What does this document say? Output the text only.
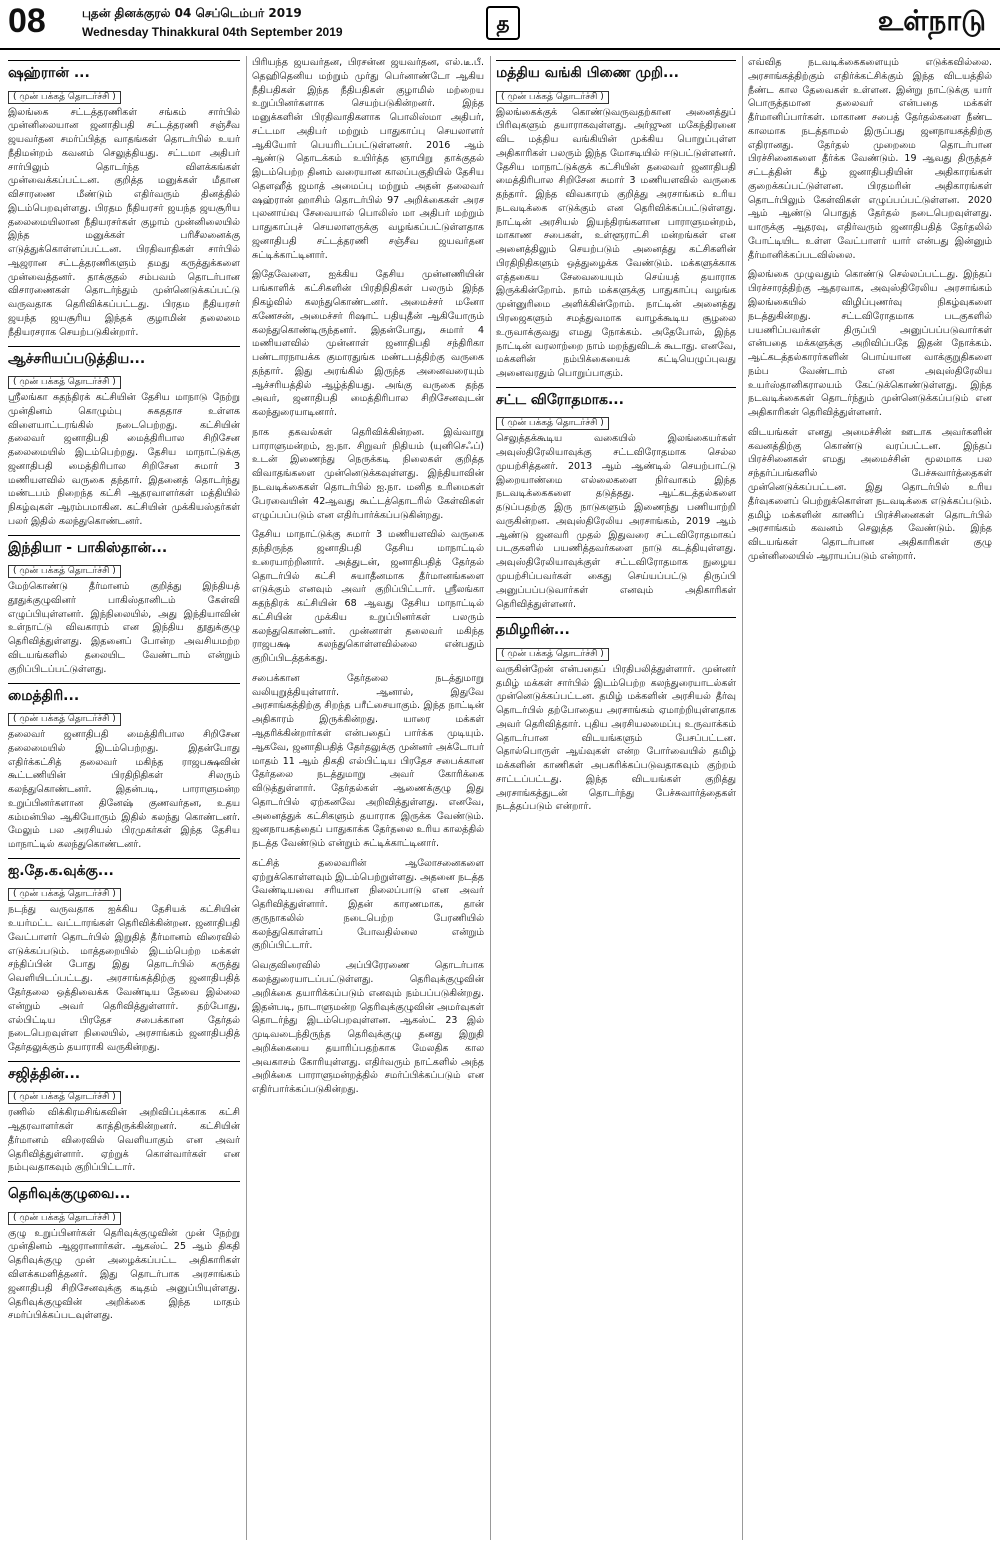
08	புதன் தினக்குரல் 04 செப்டெம்பர் 2019
Wednesday Thinakkural 04th September 2019	த	உள்நாடு
ஷஹ்ரான் ...
( முன் பக்கத் தொடர்ச்சி )

இலங்கை சட்டத்தரணிகள் சங்கம் சார்பில் முன்னிலையான ஜனாதிபதி சட்டத்தரணி சஞ்சீவ ஜயவர்தன சமர்ப்பித்த வாதங்கள் தொடர்பில் உயர் நீதிமன்றம் கவனம் செலுத்தியது. சட்டமா அதிபர் சார்பிலும் தொடர்ந்த விளக்கங்கள் முன்வைக்கப்பட்டன. குறித்த மனுக்கள் மீதான விசாரணை மீண்டும் எதிர்வரும் தினத்தில் இடம்பெறவுள்ளது. பிரதம நீதியரசர் ஜயந்த ஜயசூரிய தலைமையிலான நீதியரசர்கள் குழாம் முன்னிலையில் இந்த மனுக்கள் பரிசீலனைக்கு எடுத்துக்கொள்ளப்பட்டன. பிரதிவாதிகள் சார்பில் ஆஜரான சட்டத்தரணிகளும் தமது கருத்துக்களை முன்வைத்தனர். தாக்குதல் சம்பவம் தொடர்பான விசாரணைகள் தொடர்ந்தும் முன்னெடுக்கப்பட்டு வருவதாக தெரிவிக்கப்பட்டது. பிரதம நீதியரசர் ஜயந்த ஜயசூரிய இந்தக் குழாமின் தலைமை நீதியரசராக செயற்படுகின்றார்.

ஆச்சரியப்படுத்திய...
( முன் பக்கத் தொடர்ச்சி )

ஸ்ரீலங்கா சுதந்திரக் கட்சியின் தேசிய மாநாடு நேற்று முன்தினம் கொழும்பு சுகததாச உள்ளக விளையாட்டரங்கில் நடைபெற்றது. கட்சியின் தலைவர் ஜனாதிபதி மைத்திரிபால சிறிசேன தலைமையில் இடம்பெற்றது. தேசிய மாநாட்டுக்கு ஜனாதிபதி மைத்திரிபால சிறிசேன சுமார் 3 மணியளவில் வருகை தந்தார். இதனைத் தொடர்ந்து மண்டபம் நிறைந்த கட்சி ஆதரவாளர்கள் மத்தியில் நிகழ்வுகள் ஆரம்பமாகின. கட்சியின் முக்கியஸ்தர்கள் பலர் இதில் கலந்துகொண்டனர்.

இந்தியா - பாகிஸ்தான்...
( முன் பக்கத் தொடர்ச்சி )

மேற்கொண்டு தீர்மானம் குறித்து இந்தியத் தூதுக்குழுவினர் பாகிஸ்தானிடம் கேள்வி எழுப்பியுள்ளனர். இந்நிலையில், அது இந்தியாவின் உள்நாட்டு விவகாரம் என இந்திய தூதுக்குழு தெரிவித்துள்ளது. இதனைப் போன்ற அவசியமற்ற விடயங்களில் தலையிட வேண்டாம் என்றும் குறிப்பிடப்பட்டுள்ளது.

மைத்திரி...
( முன் பக்கத் தொடர்ச்சி )

தலைவர் ஜனாதிபதி மைத்திரிபால சிறிசேன தலைமையில் இடம்பெற்றது. இதன்போது எதிர்க்கட்சித் தலைவர் மகிந்த ராஜபக்ஷவின் கூட்டணியின் பிரதிநிதிகள் சிலரும் கலந்துகொண்டனர். இதன்படி, பாராளுமன்ற உறுப்பினர்களான தினேஷ் குணவர்தன, உதய கம்மன்பில ஆகியோரும் இதில் கலந்து கொண்டனர். மேலும் பல அரசியல் பிரமுகர்கள் இந்த தேசிய மாநாட்டில் கலந்துகொண்டனர்.

ஐ.தே.க.வுக்கு...
( முன் பக்கத் தொடர்ச்சி )

நடந்து வருவதாக ஐக்கிய தேசியக் கட்சியின் உயர்மட்ட வட்டாரங்கள் தெரிவிக்கின்றன. ஜனாதிபதி வேட்பாளர் தொடர்பில் இறுதித் தீர்மானம் விரைவில் எடுக்கப்படும். மாத்தறையில் இடம்பெற்ற மக்கள் சந்திப்பின் போது இது தொடர்பில் கருத்து வெளியிடப்பட்டது. அரசாங்கத்திற்கு ஜனாதிபதித் தேர்தலை ஒத்திவைக்க வேண்டிய தேவை இல்லை என்றும் அவர் தெரிவித்துள்ளார். தற்போது, எல்பிட்டிய பிரதேச சபைக்கான தேர்தல் நடைபெறவுள்ள நிலையில், அரசாங்கம் ஜனாதிபதித் தேர்தலுக்கும் தயாராகி வருகின்றது.

சஜித்தின்...
( முன் பக்கத் தொடர்ச்சி )

ரணில் விக்கிரமசிங்கவின் அறிவிப்புக்காக கட்சி ஆதரவாளர்கள் காத்திருக்கின்றனர். கட்சியின் தீர்மானம் விரைவில் வெளியாகும் என அவர் தெரிவித்துள்ளார். ஏற்றுக் கொள்வார்கள் என நம்புவதாகவும் குறிப்பிட்டார்.

தெரிவுக்குழுவை...
( முன் பக்கத் தொடர்ச்சி )

குழு உறுப்பினர்கள் தெரிவுக்குழுவின் முன் நேற்று முன்தினம் ஆஜரானார்கள். ஆகஸ்ட் 25 ஆம் திகதி தெரிவுக்குழு முன் அழைக்கப்பட்ட அதிகாரிகள் விளக்கமளித்தனர். இது தொடர்பாக அரசாங்கம் ஜனாதிபதி சிறிசேனவுக்கு கடிதம் அனுப்பியுள்ளது. தெரிவுக்குழுவின் அறிக்கை இந்த மாதம் சமர்ப்பிக்கப்படவுள்ளது.

பிரியந்த ஜயவர்தன, பிரசன்ன ஜயவர்தன, எல்.டீ.பீ. தெஹிதெனிய மற்றும் முர்து பெர்னாண்டோ ஆகிய நீதிபதிகள் இந்த நீதிபதிகள் குழாமில் மற்றைய உறுப்பினர்களாக செயற்படுகின்றனர். இந்த மனுக்களின் பிரதிவாதிகளாக பொலிஸ்மா அதிபர், சட்டமா அதிபர் மற்றும் பாதுகாப்பு செயலாளர் ஆகியோர் பெயரிடப்பட்டுள்ளனர். 2016 ஆம் ஆண்டு தொடக்கம் உயிர்த்த ஞாயிறு தாக்குதல் இடம்பெற்ற தினம் வரையான காலப்பகுதியில் தேசிய தௌஹீத் ஜமாத் அமைப்பு மற்றும் அதன் தலைவர் ஷஹ்ரான் ஹாசிம் தொடர்பில் 97 அறிக்கைகள் அரச புலனாய்வு சேவையால் பொலிஸ் மா அதிபர் மற்றும் பாதுகாப்புச் செயலாளருக்கு வழங்கப்பட்டுள்ளதாக ஜனாதிபதி சட்டத்தரணி சஞ்சீவ ஜயவர்தன சுட்டிக்காட்டினார்.

இதேவேளை, ஐக்கிய தேசிய முன்னணியின் பங்காளிக் கட்சிகளின் பிரதிநிதிகள் பலரும் இந்த நிகழ்வில் கலந்துகொண்டனர். அமைச்சர் மனோ கணேசன், அமைச்சர் ரிஷாட் பதியுதீன் ஆகியோரும் கலந்துகொண்டிருந்தனர். இதன்போது, சுமார் 4 மணியளவில் முன்னாள் ஜனாதிபதி சந்திரிகா பண்டாரநாயக்க குமாரதுங்க மண்டபத்திற்கு வருகை தந்தார். இது அரங்கில் இருந்த அனைவரையும் ஆச்சரியத்தில் ஆழ்த்தியது. அங்கு வருகை தந்த அவர், ஜனாதிபதி மைத்திரிபால சிறிசேனவுடன் கலந்துரையாடினார்.

நாக தகவல்கள் தெரிவிக்கின்றன. இவ்வாறு பாராளுமன்றம், ஐ.நா. சிறுவர் நிதியம் (யுனிசெஃப்) உடன் இணைந்து நெருக்கடி நிலைகள் குறித்த விவாதங்களை முன்னெடுக்கவுள்ளது. இந்தியாவின் நடவடிக்கைகள் தொடர்பில் ஐ.நா. மனித உரிமைகள் பேரவையின் 42ஆவது கூட்டத்தொடரில் கேள்விகள் எழுப்பப்படும் என எதிர்பார்க்கப்படுகின்றது.

தேசிய மாநாட்டுக்கு சுமார் 3 மணியளவில் வருகை தந்திருந்த ஜனாதிபதி தேசிய மாநாட்டில் உரையாற்றினார். அத்துடன், ஜனாதிபதித் தேர்தல் தொடர்பில் கட்சி சுயாதீனமாக தீர்மானங்களை எடுக்கும் எனவும் அவர் குறிப்பிட்டார். ஸ்ரீலங்கா சுதந்திரக் கட்சியின் 68 ஆவது தேசிய மாநாட்டில் கட்சியின் முக்கிய உறுப்பினர்கள் பலரும் கலந்துகொண்டனர். முன்னாள் தலைவர் மகிந்த ராஜபக்ஷ கலந்துகொள்ளவில்லை என்பதும் குறிப்பிடத்தக்கது.

சபைக்கான தேர்தலை நடத்துமாறு வலியுறுத்தியுள்ளார். ஆனால், இதுவே அரசாங்கத்திற்கு சிறந்த பரீட்சையாகும். இந்த நாட்டின் அதிகாரம் இருக்கின்றது. யாரை மக்கள் ஆதரிக்கின்றார்கள் என்பதைப் பார்க்க முடியும். ஆகவே, ஜனாதிபதித் தேர்தலுக்கு முன்னர் அக்டோபர் மாதம் 11 ஆம் திகதி எல்பிட்டிய பிரதேச சபைக்கான தேர்தலை நடத்துமாறு அவர் கோரிக்கை விடுத்துள்ளார். தேர்தல்கள் ஆணைக்குழு இது தொடர்பில் ஏற்கனவே அறிவித்துள்ளது. எனவே, அனைத்துக் கட்சிகளும் தயாராக இருக்க வேண்டும். ஜனநாயகத்தைப் பாதுகாக்க தேர்தலை உரிய காலத்தில் நடத்த வேண்டும் என்றும் சுட்டிக்காட்டினார்.

கட்சித் தலைவரின் ஆலோசனைகளை ஏற்றுக்கொள்ளவும் இடம்பெற்றுள்ளது. அதனை நடத்த வேண்டியவை சரியான நிலைப்பாடு என அவர் தெரிவித்துள்ளார். இதன் காரணமாக, தான் குருநாகலில் நடைபெற்ற பேரணியில் கலந்துகொள்ளப் போவதில்லை என்றும் குறிப்பிட்டார்.

வெகுவிரைவில் அப்பிரேரணை தொடர்பாக கலந்துரையாடப்பட்டுள்ளது. தெரிவுக்குழுவின் அறிக்கை தயாரிக்கப்படும் எனவும் நம்பப்படுகின்றது. இதன்படி, நாடாளுமன்ற தெரிவுக்குழுவின் அமர்வுகள் தொடர்ந்து இடம்பெறவுள்ளன. ஆகஸ்ட் 23 இல் முடிவடைந்திருந்த தெரிவுக்குழு தனது இறுதி அறிக்கையை தயாரிப்பதற்காக மேலதிக கால அவகாசம் கோரியுள்ளது. எதிர்வரும் நாட்களில் அந்த அறிக்கை பாராளுமன்றத்தில் சமர்ப்பிக்கப்படும் என எதிர்பார்க்கப்படுகின்றது.

மத்திய வங்கி பிணை முறி...
( முன் பக்கத் தொடர்ச்சி )

இலங்கைக்குக் கொண்டுவருவதற்கான அனைத்துப் பிரிவுகளும் தயாராகவுள்ளது. அர்ஜுன மகேந்திரனை விட மத்திய வங்கியின் முக்கிய பொறுப்புள்ள அதிகாரிகள் பலரும் இந்த மோசடியில் ஈடுபட்டுள்ளனர். தேசிய மாநாட்டுக்குக் கட்சியின் தலைவர் ஜனாதிபதி மைத்திரிபால சிறிசேன சுமார் 3 மணியளவில் வருகை தந்தார். இந்த விவகாரம் குறித்து அரசாங்கம் உரிய நடவடிக்கை எடுக்கும் என தெரிவிக்கப்பட்டுள்ளது. நாட்டின் அரசியல் இயந்திரங்களான பாராளுமன்றம், மாகாண சபைகள், உள்ளூராட்சி மன்றங்கள் என அனைத்திலும் செயற்படும் அனைத்து கட்சிகளின் பிரதிநிதிகளும் ஒத்துழைக்க வேண்டும். மக்களுக்காக எத்தகைய சேவையையும் செய்யத் தயாராக இருக்கின்றோம். நாம் மக்களுக்கு பாதுகாப்பு வழங்க முன்னுரிமை அளிக்கின்றோம். நாட்டின் அனைத்து பிரஜைகளும் சமத்துவமாக வாழக்கூடிய சூழலை உருவாக்குவது எமது நோக்கம். அதேபோல், இந்த நாட்டின் வரலாற்றை நாம் மறந்துவிடக் கூடாது. எனவே, மக்களின் நம்பிக்கையைக் கட்டியெழுப்புவது அனைவரதும் பொறுப்பாகும்.

சட்ட விரோதமாக...
( முன் பக்கத் தொடர்ச்சி )

செலுத்தக்கூடிய வகையில் இலங்கையர்கள் அவுஸ்திரேலியாவுக்கு சட்டவிரோதமாக செல்ல முயற்சித்தனர். 2013 ஆம் ஆண்டில் செயற்பாட்டு இறையாண்மை எல்லைகளை நிர்வாகம் இந்த நடவடிக்கைகளை தடுத்தது. ஆட்கடத்தல்களை தடுப்பதற்கு இரு நாடுகளும் இணைந்து பணியாற்றி வருகின்றன. அவுஸ்திரேலிய அரசாங்கம், 2019 ஆம் ஆண்டு ஜனவரி முதல் இதுவரை சட்டவிரோதமாகப் படகுகளில் பயணித்தவர்களை நாடு கடத்தியுள்ளது. அவுஸ்திரேலியாவுக்குள் சட்டவிரோதமாக நுழைய முயற்சிப்பவர்கள் கைது செய்யப்பட்டு திருப்பி அனுப்பப்படுவார்கள் எனவும் அதிகாரிகள் தெரிவித்துள்ளனர்.

தமிழரின்...
( முன் பக்கத் தொடர்ச்சி )

வருகின்றேன் என்பதைப் பிரதிபலித்துள்ளார். முன்னர் தமிழ் மக்கள் சார்பில் இடம்பெற்ற கலந்துரையாடல்கள் முன்னெடுக்கப்பட்டன. தமிழ் மக்களின் அரசியல் தீர்வு தொடர்பில் தற்போதைய அரசாங்கம் ஏமாற்றியுள்ளதாக அவர் தெரிவித்தார். புதிய அரசியலமைப்பு உருவாக்கம் தொடர்பான விடயங்களும் பேசப்பட்டன. தொல்பொருள் ஆய்வுகள் என்ற போர்வையில் தமிழ் மக்களின் காணிகள் அபகரிக்கப்படுவதாகவும் குற்றம் சாட்டப்பட்டது. இந்த விடயங்கள் குறித்து அரசாங்கத்துடன் தொடர்ந்து பேச்சுவார்த்தைகள் நடத்தப்படும் என்றார்.

எவ்வித நடவடிக்கைகளையும் எடுக்கவில்லை. அரசாங்கத்திற்கும் எதிர்க்கட்சிக்கும் இந்த விடயத்தில் நீண்ட கால தேவைகள் உள்ளன. இன்று நாட்டுக்கு யார் பொருத்தமான தலைவர் என்பதை மக்கள் தீர்மானிப்பார்கள். மாகாண சபைத் தேர்தல்களை நீண்ட காலமாக நடத்தாமல் இருப்பது ஜனநாயகத்திற்கு எதிரானது. தேர்தல் முறைமை தொடர்பான பிரச்சினைகளை தீர்க்க வேண்டும். 19 ஆவது திருத்தச் சட்டத்தின் கீழ் ஜனாதிபதியின் அதிகாரங்கள் குறைக்கப்பட்டுள்ளன. பிரதமரின் அதிகாரங்கள் தொடர்பிலும் கேள்விகள் எழுப்பப்பட்டுள்ளன. 2020 ஆம் ஆண்டு பொதுத் தேர்தல் நடைபெறவுள்ளது. யாருக்கு ஆதரவு, எதிர்வரும் ஜனாதிபதித் தேர்தலில் போட்டியிட உள்ள வேட்பாளர் யார் என்பது இன்னும் தீர்மானிக்கப்படவில்லை.

இலங்கை முழுவதும் கொண்டு செல்லப்பட்டது. இந்தப் பிரச்சாரத்திற்கு ஆதரவாக, அவுஸ்திரேலிய அரசாங்கம் இலங்கையில் விழிப்புணர்வு நிகழ்வுகளை நடத்துகின்றது. சட்டவிரோதமாக படகுகளில் பயணிப்பவர்கள் திருப்பி அனுப்பப்படுவார்கள் என்பதை மக்களுக்கு அறிவிப்பதே இதன் நோக்கம். ஆட்கடத்தல்காரர்களின் பொய்யான வாக்குறுதிகளை நம்ப வேண்டாம் என அவுஸ்திரேலிய உயர்ஸ்தானிகராலயம் கேட்டுக்கொண்டுள்ளது. இந்த நடவடிக்கைகள் தொடர்ந்தும் முன்னெடுக்கப்படும் என அதிகாரிகள் தெரிவித்துள்ளனர்.

விடயங்கள் எனது அமைச்சின் ஊடாக அவர்களின் கவனத்திற்கு கொண்டு வரப்பட்டன. இந்தப் பிரச்சினைகள் எமது அமைச்சின் மூலமாக பல சந்தர்ப்பங்களில் பேச்சுவார்த்தைகள் முன்னெடுக்கப்பட்டன. இது தொடர்பில் உரிய தீர்வுகளைப் பெற்றுக்கொள்ள நடவடிக்கை எடுக்கப்படும். தமிழ் மக்களின் காணிப் பிரச்சினைகள் தொடர்பில் அரசாங்கம் கவனம் செலுத்த வேண்டும். இந்த விடயங்கள் தொடர்பான அதிகாரிகள் குழு முன்னிலையில் ஆராயப்படும் என்றார்.
